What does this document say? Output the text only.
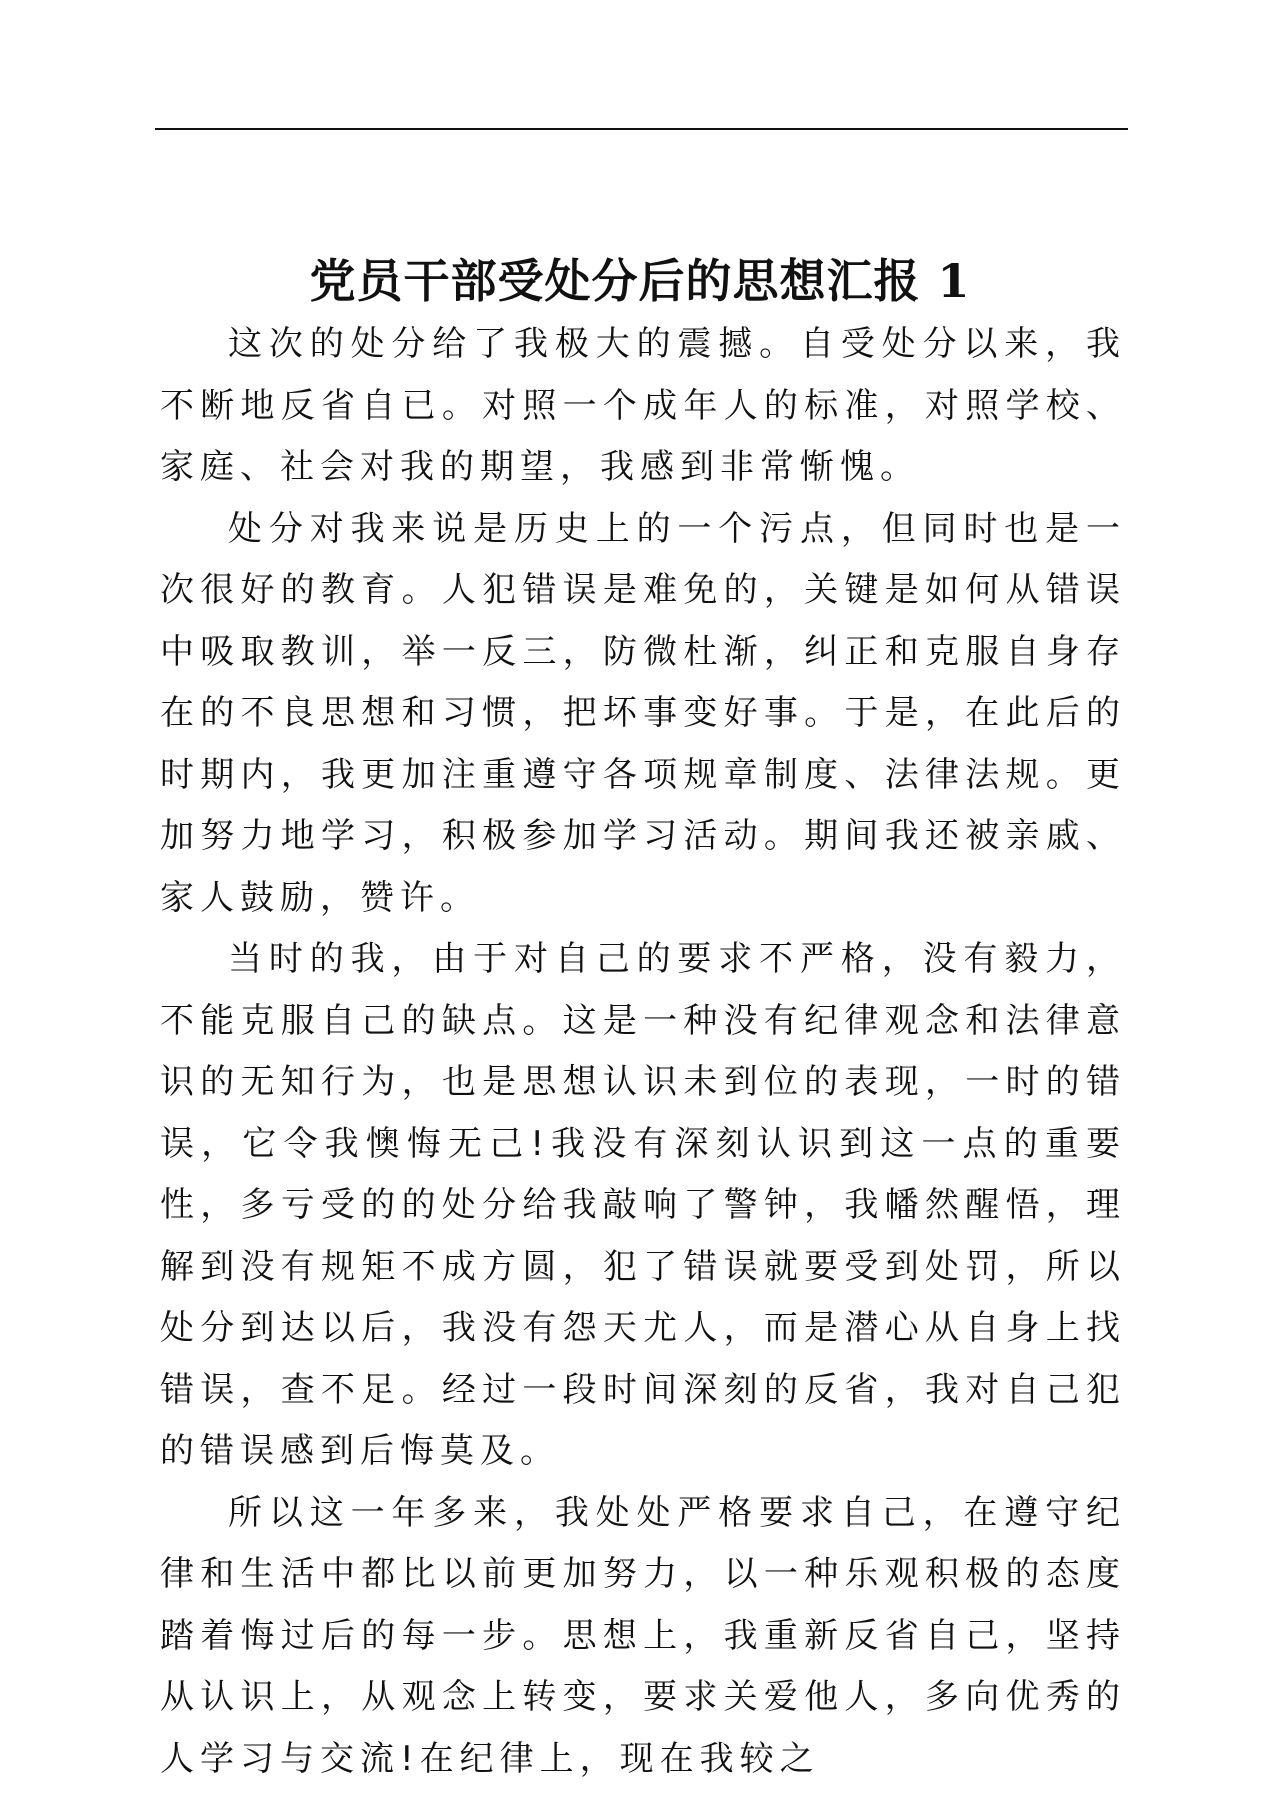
党员干部受处分后的思想汇报 1

这次的处分给了我极大的震撼。自受处分以来，我不断地反省自已。对照一个成年人的标准，对照学校、家庭、社会对我的期望，我感到非常惭愧。

处分对我来说是历史上的一个污点，但同时也是一次很好的教育。人犯错误是难免的，关键是如何从错误中吸取教训，举一反三，防微杜渐，纠正和克服自身存在的不良思想和习惯，把坏事变好事。于是，在此后的时期内，我更加注重遵守各项规章制度、法律法规。更加努力地学习，积极参加学习活动。期间我还被亲戚、家人鼓励，赞许。

当时的我，由于对自己的要求不严格，没有毅力，不能克服自己的缺点。这是一种没有纪律观念和法律意识的无知行为，也是思想认识未到位的表现，一时的错误，它令我懊悔无己!我没有深刻认识到这一点的重要性，多亏受的的处分给我敲响了警钟，我幡然醒悟，理解到没有规矩不成方圆，犯了错误就要受到处罚，所以处分到达以后，我没有怨天尤人，而是潜心从自身上找错误，查不足。经过一段时间深刻的反省，我对自己犯的错误感到后悔莫及。

所以这一年多来，我处处严格要求自己，在遵守纪律和生活中都比以前更加努力，以一种乐观积极的态度踏着悔过后的每一步。思想上，我重新反省自己，坚持从认识上，从观念上转变，要求关爱他人，多向优秀的人学习与交流!在纪律上，现在我较之
